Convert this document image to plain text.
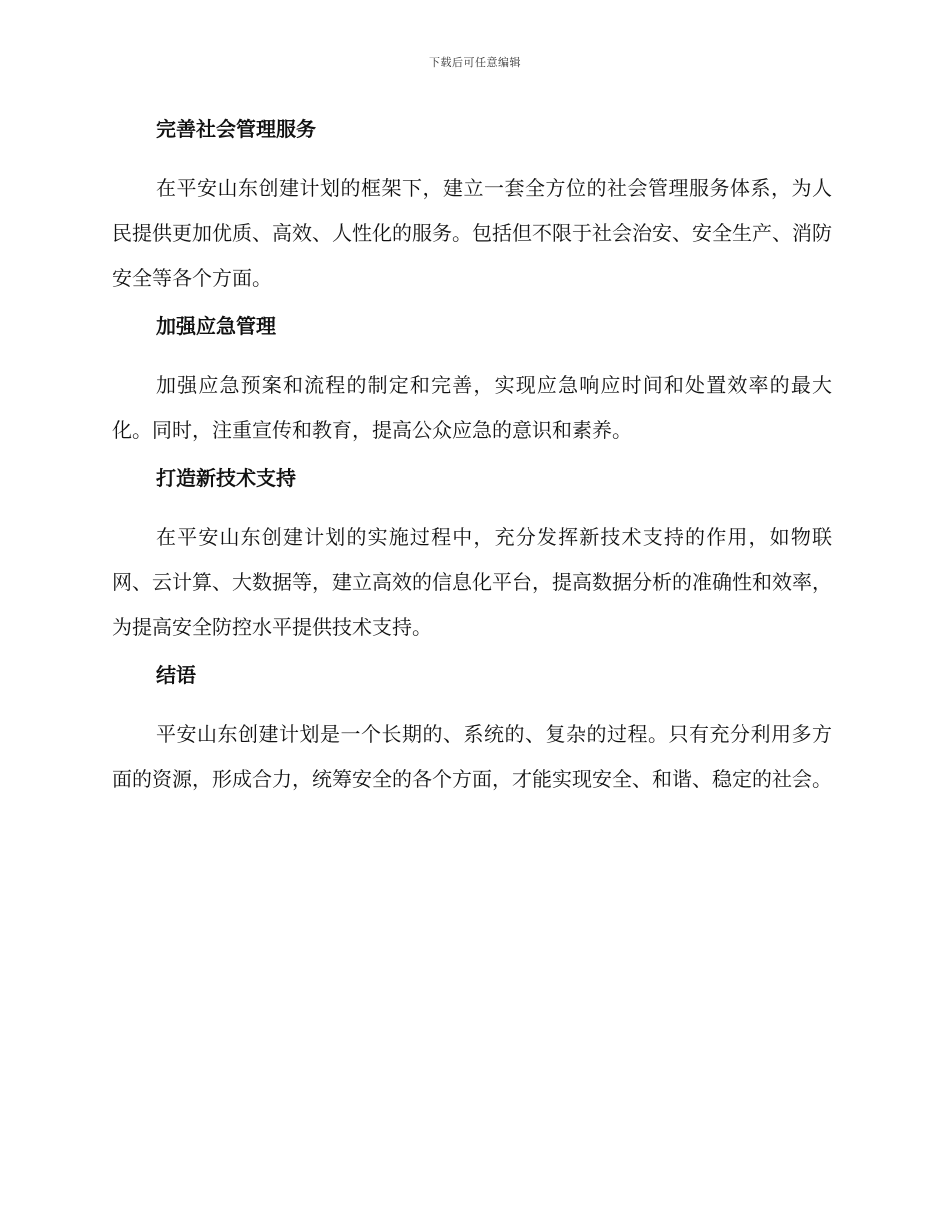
下载后可任意编辑
完善社会管理服务

在平安山东创建计划的框架下，建立一套全方位的社会管理服务体系，为人民提供更加优质、高效、人性化的服务。包括但不限于社会治安、安全生产、消防安全等各个方面。

加强应急管理

加强应急预案和流程的制定和完善，实现应急响应时间和处置效率的最大化。同时，注重宣传和教育，提高公众应急的意识和素养。

打造新技术支持

在平安山东创建计划的实施过程中，充分发挥新技术支持的作用，如物联网、云计算、大数据等，建立高效的信息化平台，提高数据分析的准确性和效率，为提高安全防控水平提供技术支持。

结语

平安山东创建计划是一个长期的、系统的、复杂的过程。只有充分利用多方面的资源，形成合力，统筹安全的各个方面，才能实现安全、和谐、稳定的社会。
